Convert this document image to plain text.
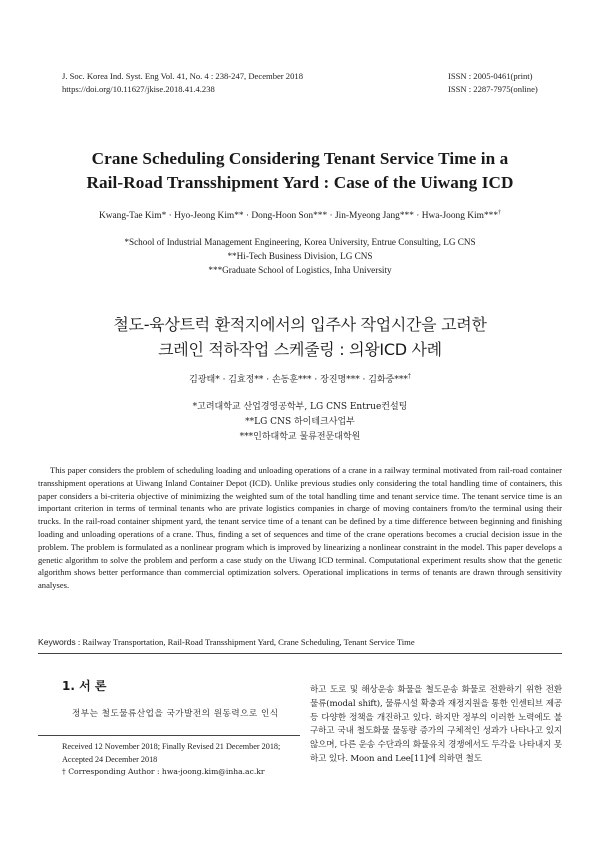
J. Soc. Korea Ind. Syst. Eng Vol. 41, No. 4 : 238-247, December 2018
https://doi.org/10.11627/jkise.2018.41.4.238
ISSN : 2005-0461(print)
ISSN : 2287-7975(online)
Crane Scheduling Considering Tenant Service Time in a
Rail-Road Transshipment Yard : Case of the Uiwang ICD
Kwang-Tae Kim* · Hyo-Jeong Kim** · Dong-Hoon Son*** · Jin-Myeong Jang*** · Hwa-Joong Kim***†
*School of Industrial Management Engineering, Korea University, Entrue Consulting, LG CNS
**Hi-Tech Business Division, LG CNS
***Graduate School of Logistics, Inha University
철도-육상트럭 환적지에서의 입주사 작업시간을 고려한
크레인 적하작업 스케줄링 : 의왕ICD 사례
김광태* · 김효정** · 손동훈*** · 장진명*** · 김화중***†
*고려대학교 산업경영공학부, LG CNS Entrue컨설팅
**LG CNS 하이테크사업부
***인하대학교 물류전문대학원

This paper considers the problem of scheduling loading and unloading operations of a crane in a railway terminal motivated from rail-road container transshipment operations at Uiwang Inland Container Depot (ICD). Unlike previous studies only considering the total handling time of containers, this paper considers a bi-criteria objective of minimizing the weighted sum of the total handling time and tenant service time. The tenant service time is an important criterion in terms of terminal tenants who are private logistics companies in charge of moving containers from/to the terminal using their trucks. In the rail-road container shipment yard, the tenant service time of a tenant can be defined by a time difference between beginning and finishing loading and unloading operations of a crane. Thus, finding a set of sequences and time of the crane operations becomes a crucial decision issue in the problem. The problem is formulated as a nonlinear program which is improved by linearizing a nonlinear constraint in the model. This paper develops a genetic algorithm to solve the problem and perform a case study on the Uiwang ICD terminal. Computational experiment results show that the genetic algorithm shows better performance than commercial optimization solvers. Operational implications in terms of tenants are drawn through sensitivity analyses.

Keywords : Railway Transportation, Rail-Road Transshipment Yard, Crane Scheduling, Tenant Service Time
1. 서 론
정부는 철도물류산업을 국가발전의 원동력으로 인식
Received 12 November 2018; Finally Revised 21 December 2018; Accepted 24 December 2018
† Corresponding Author : hwa-joong.kim@inha.ac.kr

하고 도로 및 해상운송 화물을 철도운송 화물로 전환하기 위한 전환 물류(modal shift), 물류시설 확충과 재정지원을 통한 인센티브 제공 등 다양한 정책을 개진하고 있다. 하지만 정부의 이러한 노력에도 불구하고 국내 철도화물 물동량 증가의 구체적인 성과가 나타나고 있지 않으며, 다른 운송 수단과의 화물유치 경쟁에서도 두각을 나타내지 못하고 있다. Moon and Lee[11]에 의하면 철도
